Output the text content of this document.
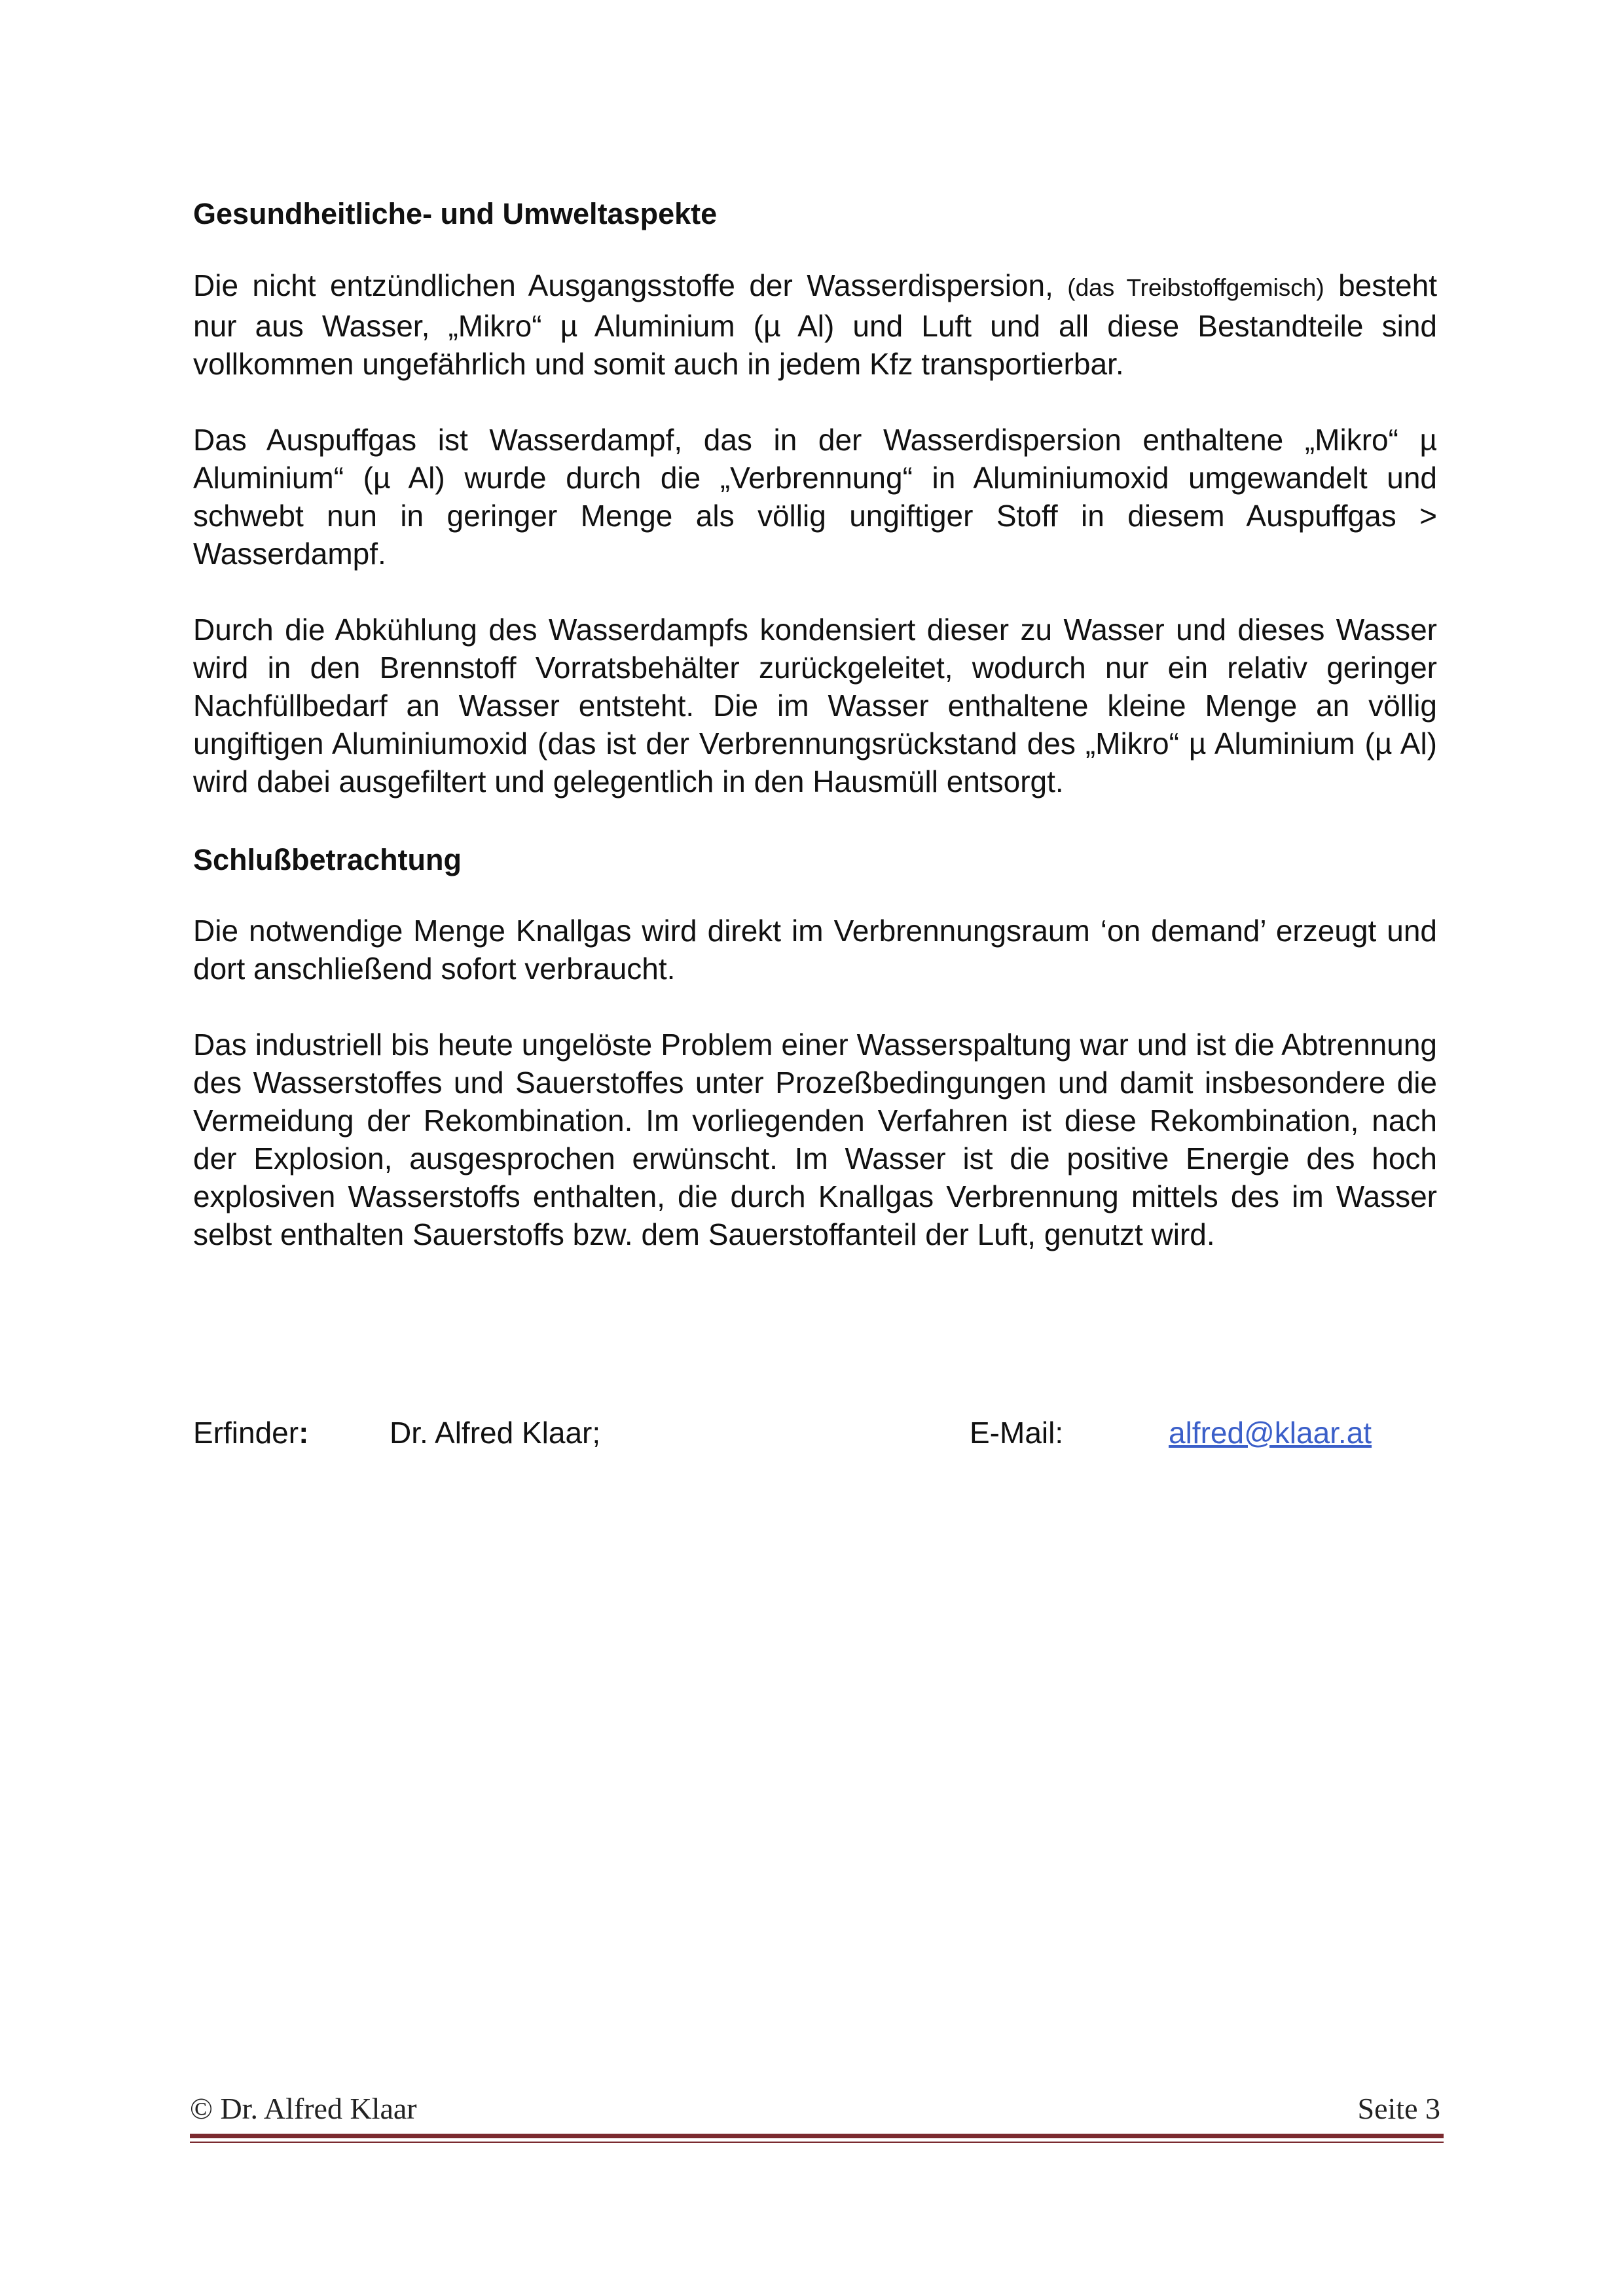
Gesundheitliche- und Umweltaspekte

Die nicht entzündlichen Ausgangsstoffe der Wasserdispersion, (das Treibstoffgemisch) besteht nur aus Wasser, „Mikro“ µ Aluminium (µ Al) und Luft und all diese Bestandteile sind vollkommen ungefährlich und somit auch in jedem Kfz transportierbar.

Das Auspuffgas ist Wasserdampf, das in der Wasserdispersion enthaltene „Mikro“ µ Aluminium“ (µ Al) wurde durch die „Verbrennung“ in Aluminiumoxid umgewandelt und schwebt nun in geringer Menge als völlig ungiftiger Stoff in diesem Auspuffgas > Wasserdampf.

Durch die Abkühlung des Wasserdampfs kondensiert dieser zu Wasser und dieses Wasser wird in den Brennstoff Vorratsbehälter zurückgeleitet, wodurch nur ein relativ geringer Nachfüllbedarf an Wasser entsteht. Die im Wasser enthaltene kleine Menge an völlig ungiftigen Aluminiumoxid (das ist der Verbrennungsrückstand des „Mikro“ µ Aluminium (µ Al) wird dabei ausgefiltert und gelegentlich in den Hausmüll entsorgt.

Schlußbetrachtung

Die notwendige Menge Knallgas wird direkt im Verbrennungsraum ‘on demand’ erzeugt und dort anschließend sofort verbraucht.

Das industriell bis heute ungelöste Problem einer Wasserspaltung war und ist die Abtrennung des Wasserstoffes und Sauerstoffes unter Prozeßbedingungen und damit insbesondere die Vermeidung der Rekombination. Im vorliegenden Verfahren ist diese Rekombination, nach der Explosion, ausgesprochen erwünscht. Im Wasser ist die positive Energie des hoch explosiven Wasserstoffs enthalten, die durch Knallgas Verbrennung mittels des im Wasser selbst enthalten Sauerstoffs bzw. dem Sauerstoffanteil der Luft, genutzt wird.

Erfinder:	Dr. Alfred Klaar;	E-Mail:	alfred@klaar.at
© Dr. Alfred Klaar	Seite 3
